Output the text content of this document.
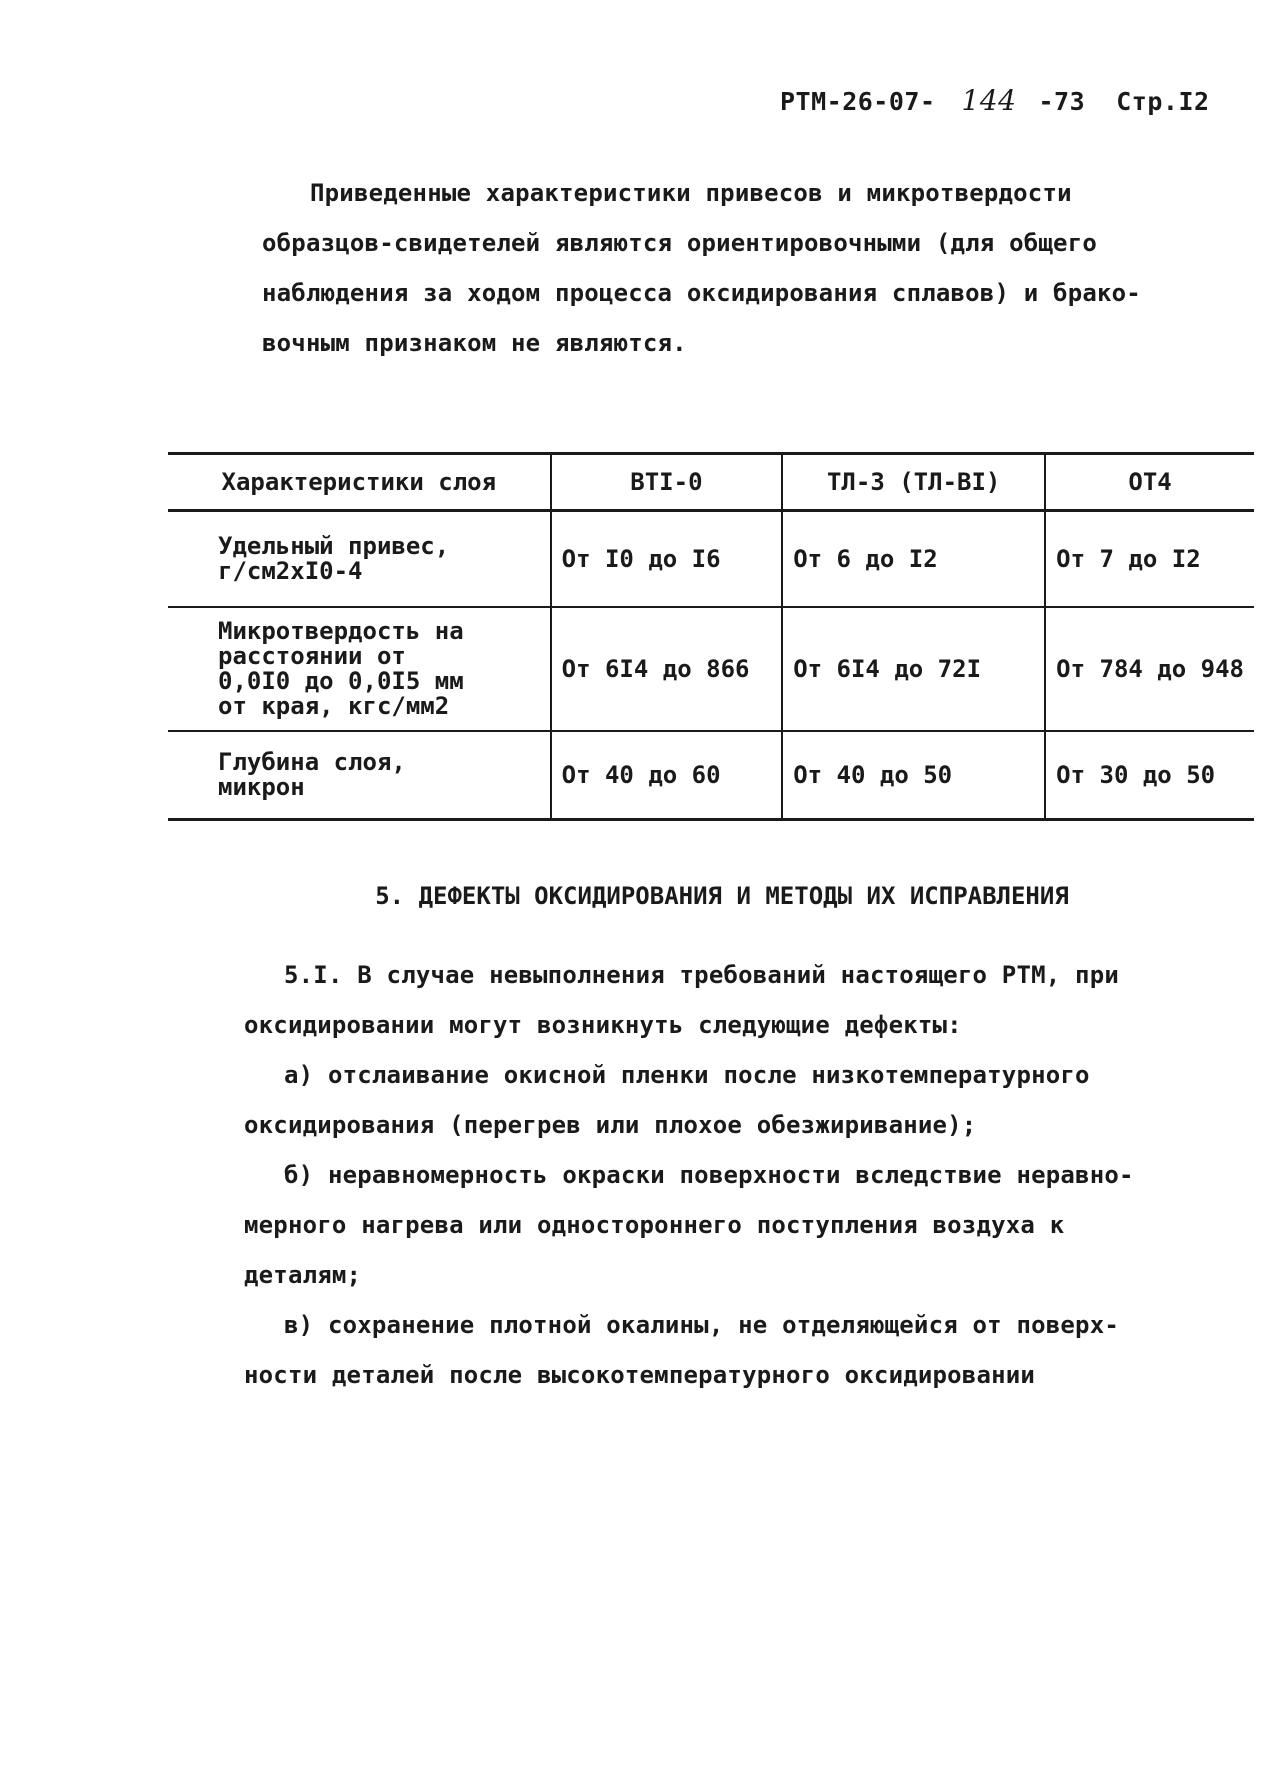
РТМ-26-07- 144 -73 Стр.I2
Приведенные характеристики привесов и микротвердости
образцов-свидетелей являются ориентировочными (для общего
наблюдения за ходом процесса оксидирования сплавов) и брако-
вочным признаком не являются.
Характеристики слоя	ВТI-0	ТЛ-3 (ТЛ-ВI)	ОТ4
Удельный привес,
г/см2хI0-4	От I0 до I6	От 6 до I2	От 7 до I2
Микротвердость на
расстоянии от
0,0I0 до 0,0I5 мм
от края, кгс/мм2	От 6I4 до 866	От 6I4 до 72I	От 784 до 948
Глубина слоя,
микрон	От 40 до 60	От 40 до 50	От 30 до 50
5. ДЕФЕКТЫ ОКСИДИРОВАНИЯ И МЕТОДЫ ИХ ИСПРАВЛЕНИЯ
5.I. В случае невыполнения требований настоящего РТМ, при
оксидировании могут возникнуть следующие дефекты:
а) отслаивание окисной пленки после низкотемпературного
оксидирования (перегрев или плохое обезжиривание);
б) неравномерность окраски поверхности вследствие неравно-
мерного нагрева или одностороннего поступления воздуха к
деталям;
в) сохранение плотной окалины, не отделяющейся от поверх-
ности деталей после высокотемпературного оксидировании
